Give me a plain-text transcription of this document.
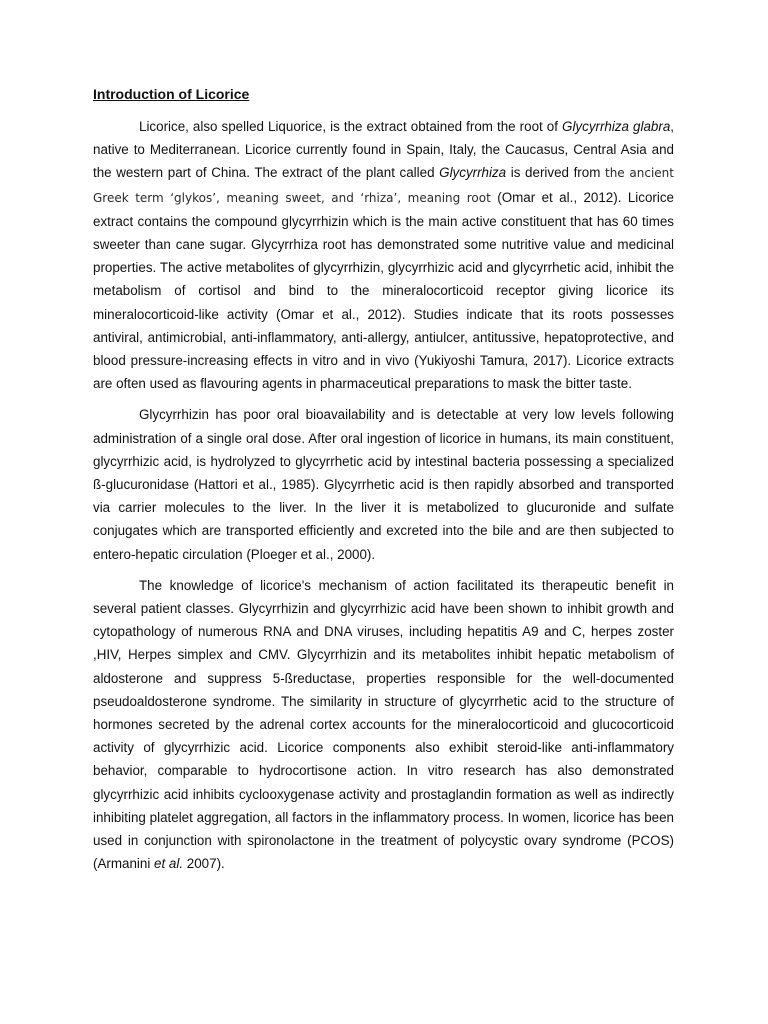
Introduction of Licorice

Licorice, also spelled Liquorice, is the extract obtained from the root of Glycyrrhiza glabra, native to Mediterranean. Licorice currently found in Spain, Italy, the Caucasus, Central Asia and the western part of China. The extract of the plant called Glycyrrhiza is derived from the ancient Greek term ‘glykos’, meaning sweet, and ‘rhiza’, meaning root (Omar et al., 2012). Licorice extract contains the compound glycyrrhizin which is the main active constituent that has 60 times sweeter than cane sugar. Glycyrrhiza root has demonstrated some nutritive value and medicinal properties. The active metabolites of glycyrrhizin, glycyrrhizic acid and glycyrrhetic acid, inhibit the metabolism of cortisol and bind to the mineralocorticoid receptor giving licorice its mineralocorticoid-like activity (Omar et al., 2012). Studies indicate that its roots possesses antiviral, antimicrobial, anti-inflammatory, anti-allergy, antiulcer, antitussive, hepatoprotective, and blood pressure-increasing effects in vitro and in vivo (Yukiyoshi Tamura, 2017). Licorice extracts are often used as flavouring agents in pharmaceutical preparations to mask the bitter taste.

Glycyrrhizin has poor oral bioavailability and is detectable at very low levels following administration of a single oral dose. After oral ingestion of licorice in humans, its main constituent, glycyrrhizic acid, is hydrolyzed to glycyrrhetic acid by intestinal bacteria possessing a specialized ß-glucuronidase (Hattori et al., 1985). Glycyrrhetic acid is then rapidly absorbed and transported via carrier molecules to the liver. In the liver it is metabolized to glucuronide and sulfate conjugates which are transported efficiently and excreted into the bile and are then subjected to entero-hepatic circulation (Ploeger et al., 2000).

The knowledge of licorice's mechanism of action facilitated its therapeutic benefit in several patient classes. Glycyrrhizin and glycyrrhizic acid have been shown to inhibit growth and cytopathology of numerous RNA and DNA viruses, including hepatitis A9 and C, herpes zoster ,HIV, Herpes simplex and CMV. Glycyrrhizin and its metabolites inhibit hepatic metabolism of aldosterone and suppress 5-ßreductase, properties responsible for the well-documented pseudoaldosterone syndrome. The similarity in structure of glycyrrhetic acid to the structure of hormones secreted by the adrenal cortex accounts for the mineralocorticoid and glucocorticoid activity of glycyrrhizic acid. Licorice components also exhibit steroid-like anti-inflammatory behavior, comparable to hydrocortisone action. In vitro research has also demonstrated glycyrrhizic acid inhibits cyclooxygenase activity and prostaglandin formation as well as indirectly inhibiting platelet aggregation, all factors in the inflammatory process. In women, licorice has been used in conjunction with spironolactone in the treatment of polycystic ovary syndrome (PCOS) (Armanini et al. 2007).
